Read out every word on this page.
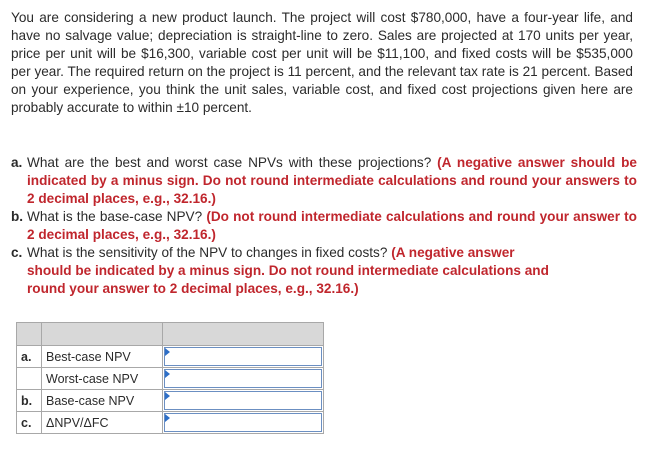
You are considering a new product launch. The project will cost $780,000, have a four-year life, and have no salvage value; depreciation is straight-line to zero. Sales are projected at 170 units per year, price per unit will be $16,300, variable cost per unit will be $11,100, and fixed costs will be $535,000 per year. The required return on the project is 11 percent, and the relevant tax rate is 21 percent. Based on your experience, you think the unit sales, variable cost, and fixed cost projections given here are probably accurate to within ±10 percent.

a. What are the best and worst case NPVs with these projections? (A negative answer should be indicated by a minus sign. Do not round intermediate calculations and round your answers to 2 decimal places, e.g., 32.16.)
b. What is the base-case NPV? (Do not round intermediate calculations and round your answer to 2 decimal places, e.g., 32.16.)
c. What is the sensitivity of the NPV to changes in fixed costs? (A negative answer should be indicated by a minus sign. Do not round intermediate calculations and round your answer to 2 decimal places, e.g., 32.16.)

a.	Best-case NPV	

	Worst-case NPV	

b.	Base-case NPV	

c.	ΔNPV/ΔFC	
